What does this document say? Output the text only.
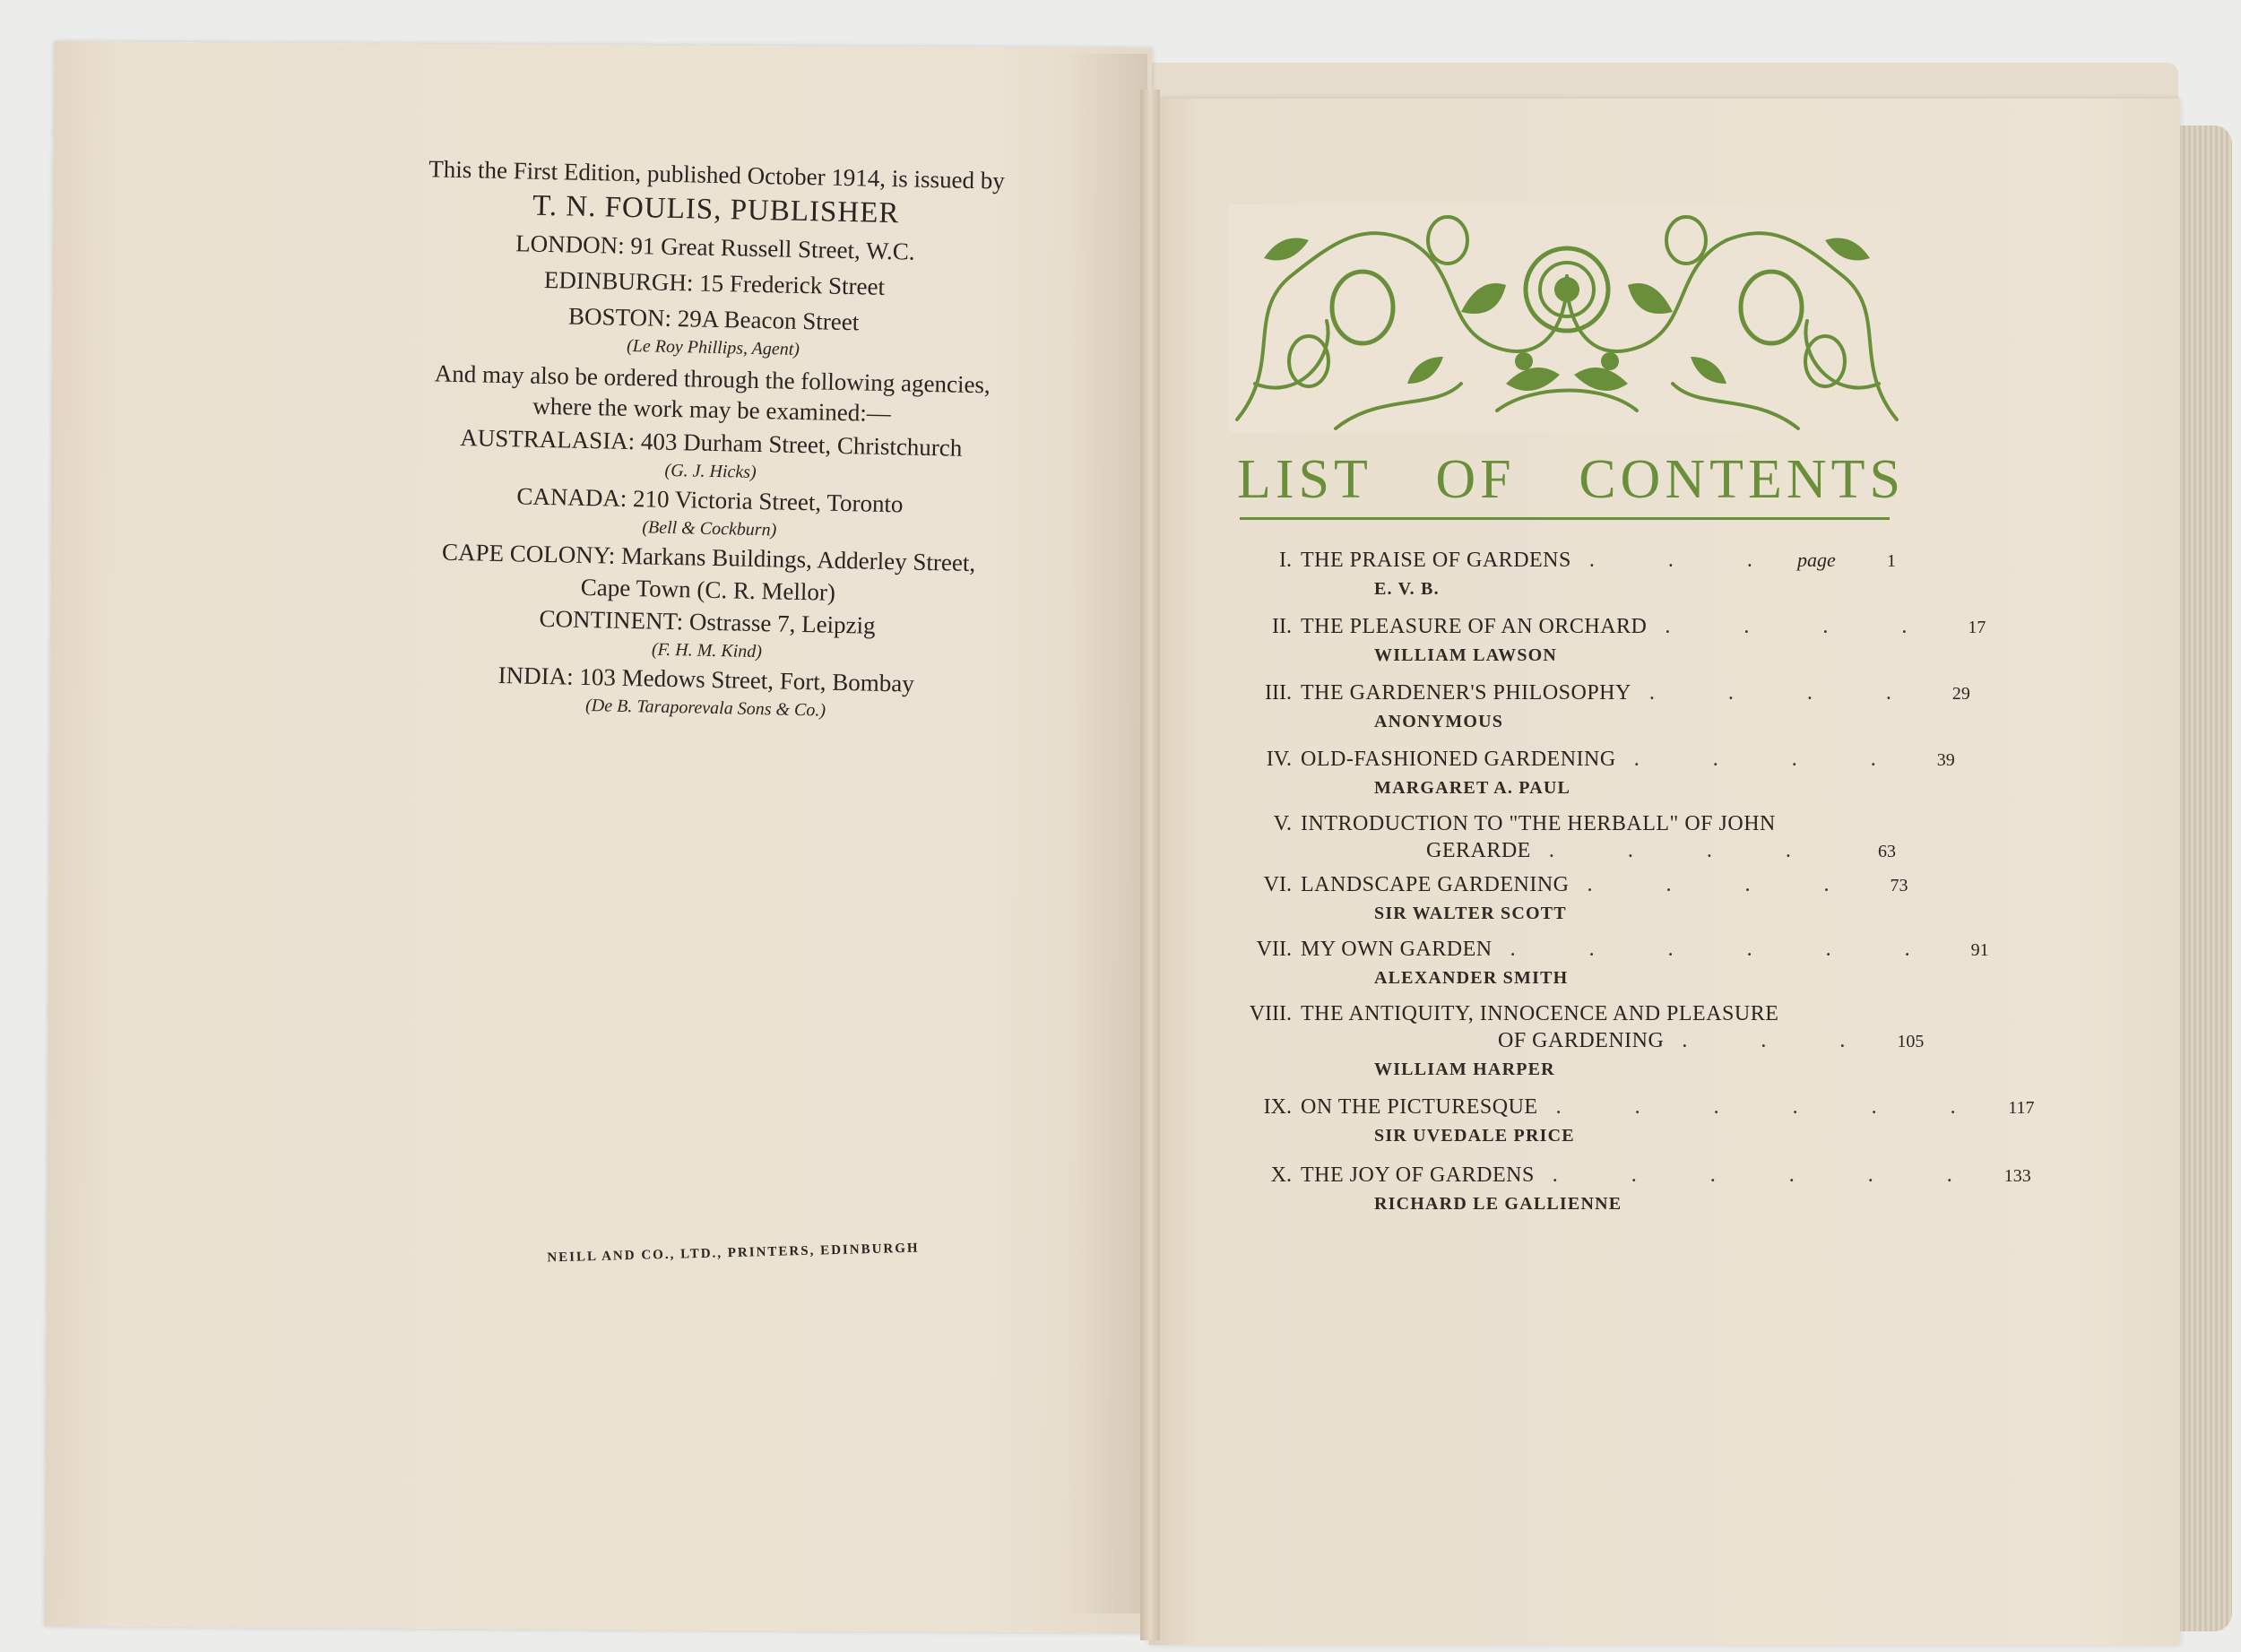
This the First Edition, published October 1914, is issued by
T. N. FOULIS, PUBLISHER
LONDON: 91 Great Russell Street, W.C.
EDINBURGH: 15 Frederick Street
BOSTON: 29A Beacon Street
(Le Roy Phillips, Agent)
And may also be ordered through the following agencies,
where the work may be examined:—
AUSTRALASIA: 403 Durham Street, Christchurch
(G. J. Hicks)
CANADA: 210 Victoria Street, Toronto
(Bell & Cockburn)
CAPE COLONY: Markans Buildings, Adderley Street,
Cape Town (C. R. Mellor)
CONTINENT: Ostrasse 7, Leipzig
(F. H. M. Kind)
INDIA: 103 Medows Street, Fort, Bombay
(De B. Taraporevala Sons & Co.)
NEILL AND CO., LTD., PRINTERS, EDINBURGH
LIST OF CONTENTS
I. THE PRAISE OF GARDENS . . . page	1
E. V. B.
II. THE PLEASURE OF AN ORCHARD . . . .	17
WILLIAM LAWSON
III. THE GARDENER'S PHILOSOPHY . . . .	29
ANONYMOUS
IV. OLD-FASHIONED GARDENING . . . .	39
MARGARET A. PAUL
V. INTRODUCTION TO "THE HERBALL" OF JOHN
GERARDE . . . .	63
VI. LANDSCAPE GARDENING . . . .	73
SIR WALTER SCOTT
VII. MY OWN GARDEN . . . . . .	91
ALEXANDER SMITH
VIII. THE ANTIQUITY, INNOCENCE AND PLEASURE
OF GARDENING . . .	105
WILLIAM HARPER
IX. ON THE PICTURESQUE . . . . . .	117
SIR UVEDALE PRICE
X. THE JOY OF GARDENS . . . . . .	133
RICHARD LE GALLIENNE
